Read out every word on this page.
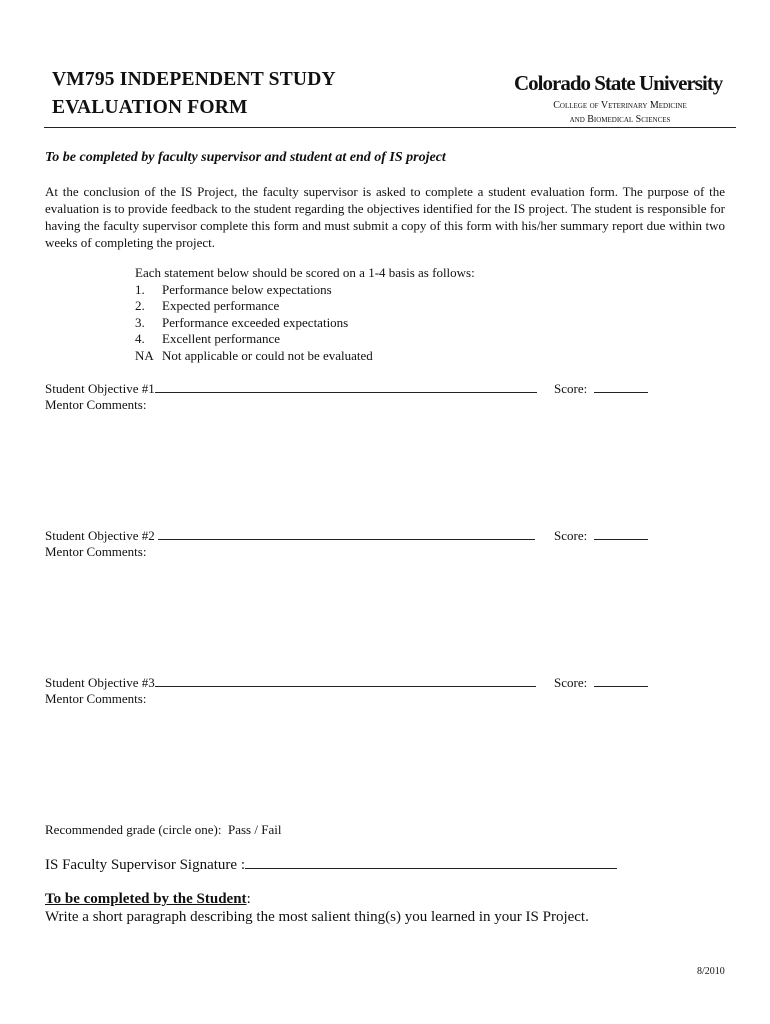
VM795 INDEPENDENT STUDY
EVALUATION FORM
Colorado State University
College of Veterinary Medicine
and Biomedical Sciences
To be completed by faculty supervisor and student at end of IS project
At the conclusion of the IS Project, the faculty supervisor is asked to complete a student evaluation form. The purpose of the evaluation is to provide feedback to the student regarding the objectives identified for the IS project. The student is responsible for having the faculty supervisor complete this form and must submit a copy of this form with his/her summary report due within two weeks of completing the project.
Each statement below should be scored on a 1-4 basis as follows:
1.	Performance below expectations
2.	Expected performance
3.	Performance exceeded expectations
4.	Excellent performance
NA Not applicable or could not be evaluated
Student Objective #1	Score:
Mentor Comments:
Student Objective #2	Score:
Mentor Comments:
Student Objective #3	Score:
Mentor Comments:
Recommended grade (circle one): Pass / Fail
IS Faculty Supervisor Signature :
To be completed by the Student:
Write a short paragraph describing the most salient thing(s) you learned in your IS Project.
8/2010
